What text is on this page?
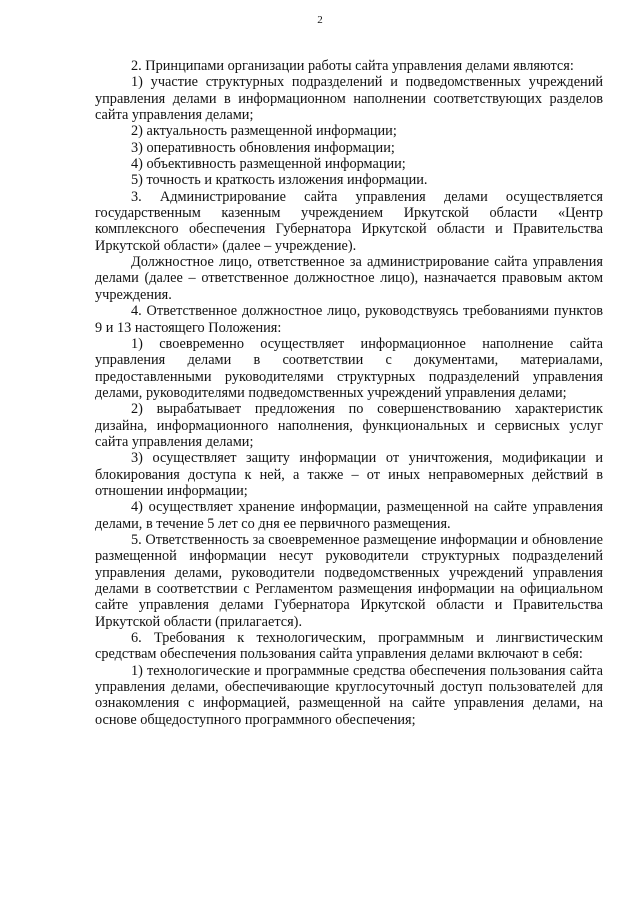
2

2. Принципами организации работы сайта управления делами являются:

1) участие структурных подразделений и подведомственных учреждений управления делами в информационном наполнении соответствующих разделов сайта управления делами;

2) актуальность размещенной информации;

3) оперативность обновления информации;

4) объективность размещенной информации;

5) точность и краткость изложения информации.

3. Администрирование сайта управления делами осуществляется государственным казенным учреждением Иркутской области «Центр комплексного обеспечения Губернатора Иркутской области и Правительства Иркутской области» (далее – учреждение).

Должностное лицо, ответственное за администрирование сайта управления делами (далее – ответственное должностное лицо), назначается правовым актом учреждения.

4. Ответственное должностное лицо, руководствуясь требованиями пунктов 9 и 13 настоящего Положения:

1) своевременно осуществляет информационное наполнение сайта управления делами в соответствии с документами, материалами, предоставленными руководителями структурных подразделений управления делами, руководителями подведомственных учреждений управления делами;

2) вырабатывает предложения по совершенствованию характеристик дизайна, информационного наполнения, функциональных и сервисных услуг сайта управления делами;

3) осуществляет защиту информации от уничтожения, модификации и блокирования доступа к ней, а также – от иных неправомерных действий в отношении информации;

4) осуществляет хранение информации, размещенной на сайте управления делами, в течение 5 лет со дня ее первичного размещения.

5. Ответственность за своевременное размещение информации и обновление размещенной информации несут руководители структурных подразделений управления делами, руководители подведомственных учреждений управления делами в соответствии с Регламентом размещения информации на официальном сайте управления делами Губернатора Иркутской области и Правительства Иркутской области (прилагается).

6. Требования к технологическим, программным и лингвистическим средствам обеспечения пользования сайта управления делами включают в себя:

1) технологические и программные средства обеспечения пользования сайта управления делами, обеспечивающие круглосуточный доступ пользователей для ознакомления с информацией, размещенной на сайте управления делами, на основе общедоступного программного обеспечения;
